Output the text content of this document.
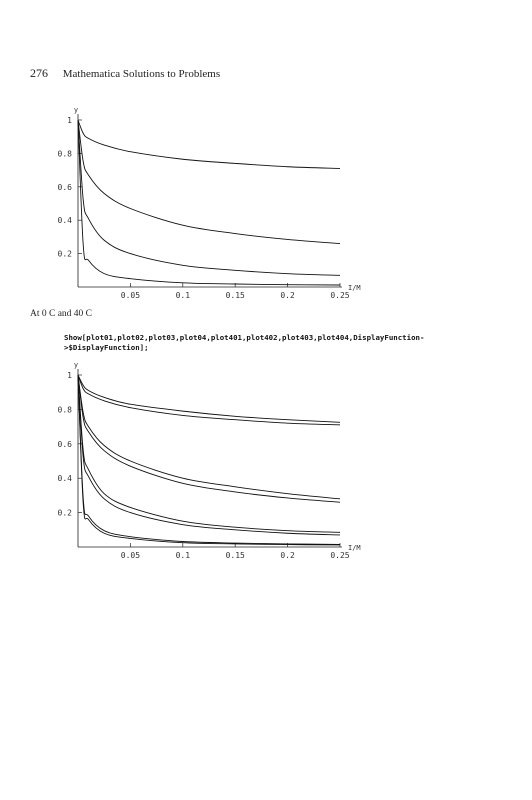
276 Mathematica Solutions to Problems
0.05	0.1	0.15	0.2	0.25
0.2
0.4
0.6
0.8
1
I/M
y
At 0 C and 40 C
Show[plot01,plot02,plot03,plot04,plot401,plot402,plot403,plot404,DisplayFunction-
>$DisplayFunction];
0.05	0.1	0.15	0.2	0.25
0.2
0.4
0.6
0.8
1
I/M
y
